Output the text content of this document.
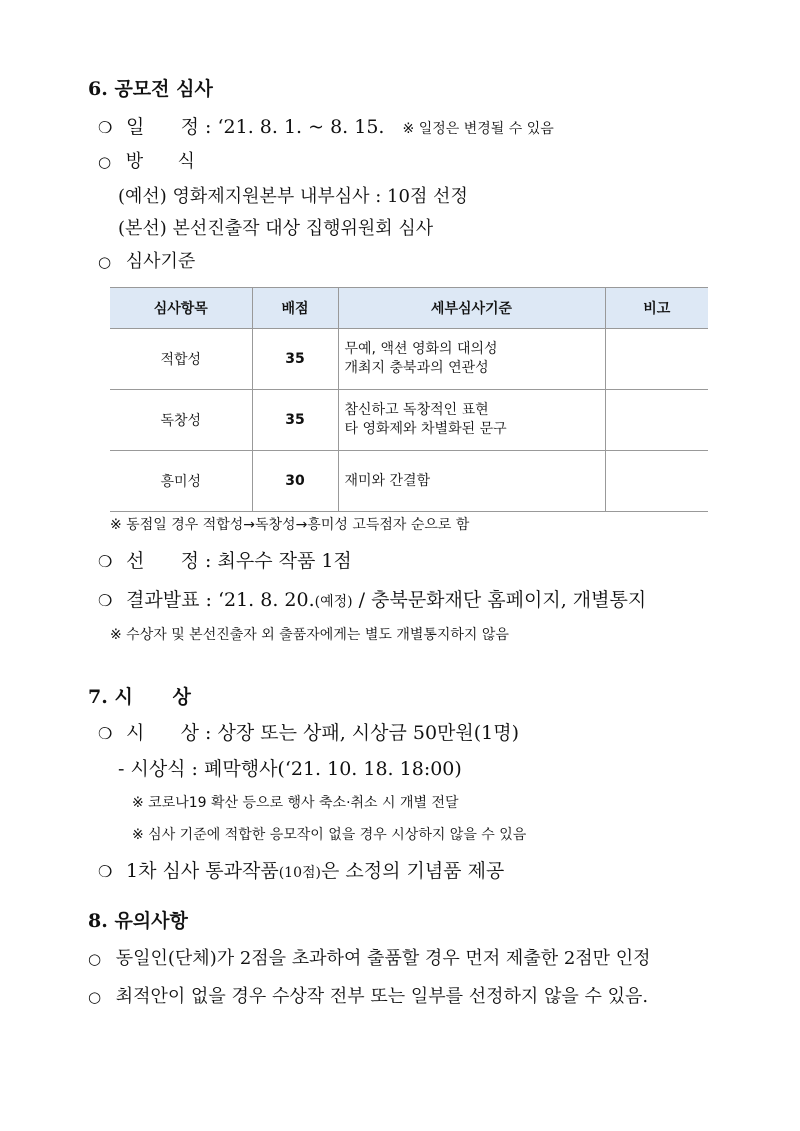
6. 공모전 심사
❍ 일      정 : ‘21. 8. 1. ~ 8. 15. ※ 일정은 변경될 수 있음
○ 방      식
(예선) 영화제지원본부 내부심사 : 10점 선정
(본선) 본선진출작 대상 집행위원회 심사
○ 심사기준
심사항목	배점	세부심사기준	비고
적합성	35	무예, 액션 영화의 대의성
개최지 충북과의 연관성	

독창성	35	참신하고 독창적인 표현
타 영화제와 차별화된 문구	

흥미성	30	재미와 간결함	

※ 동점일 경우 적합성→독창성→흥미성 고득점자 순으로 함
❍ 선      정 : 최우수 작품 1점
❍ 결과발표 : ‘21. 8. 20.(예정) / 충북문화재단 홈페이지, 개별통지
※ 수상자 및 본선진출자 외 출품자에게는 별도 개별통지하지 않음
7. 시      상
❍ 시      상 : 상장 또는 상패, 시상금 50만원(1명)
- 시상식 : 폐막행사(‘21. 10. 18. 18:00)
※ 코로나19 확산 등으로 행사 축소·취소 시 개별 전달
※ 심사 기준에 적합한 응모작이 없을 경우 시상하지 않을 수 있음
❍ 1차 심사 통과작품(10점)은 소정의 기념품 제공
8. 유의사항
○ 동일인(단체)가 2점을 초과하여 출품할 경우 먼저 제출한 2점만 인정
○ 최적안이 없을 경우 수상작 전부 또는 일부를 선정하지 않을 수 있음.
